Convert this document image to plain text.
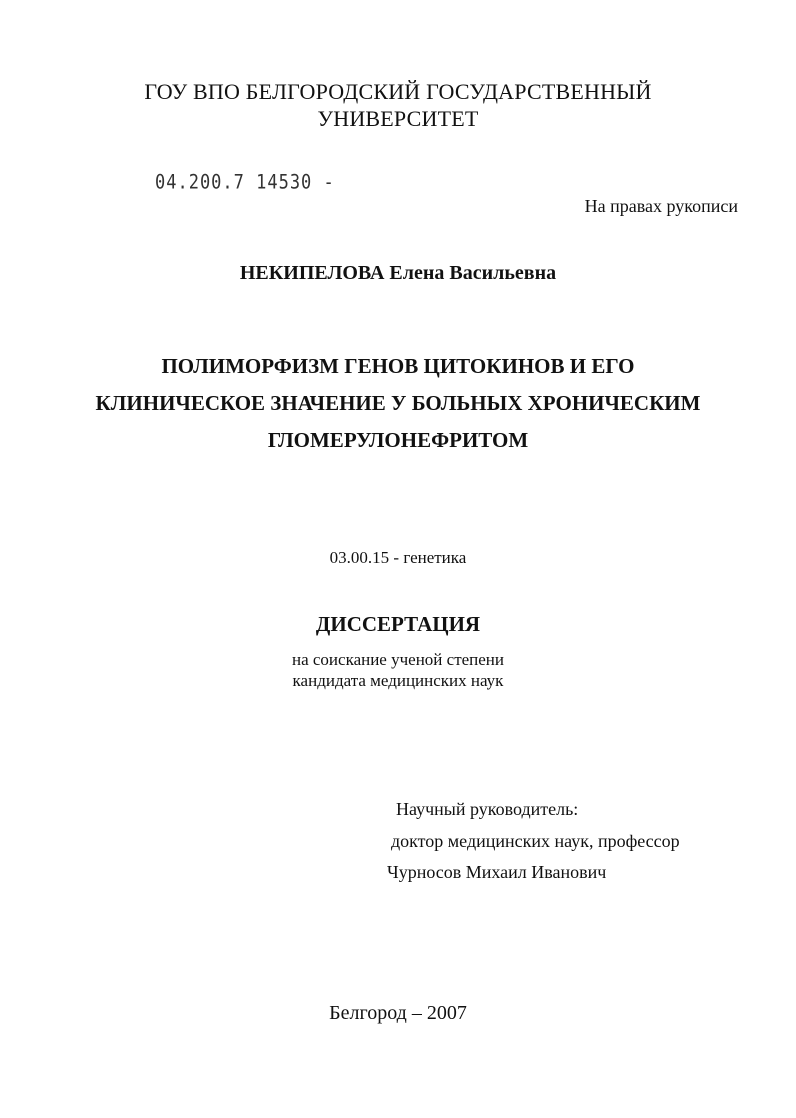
ГОУ ВПО БЕЛГОРОДСКИЙ ГОСУДАРСТВЕННЫЙ
УНИВЕРСИТЕТ
04.200.7 14530 -
На правах рукописи
НЕКИПЕЛОВА Елена Васильевна
ПОЛИМОРФИЗМ ГЕНОВ ЦИТОКИНОВ И ЕГО
КЛИНИЧЕСКОЕ ЗНАЧЕНИЕ У БОЛЬНЫХ ХРОНИЧЕСКИМ
ГЛОМЕРУЛОНЕФРИТОМ
03.00.15 - генетика
ДИССЕРТАЦИЯ
на соискание ученой степени
кандидата медицинских наук
Научный руководитель:
доктор медицинских наук, профессор
Чурносов Михаил Иванович
Белгород – 2007
